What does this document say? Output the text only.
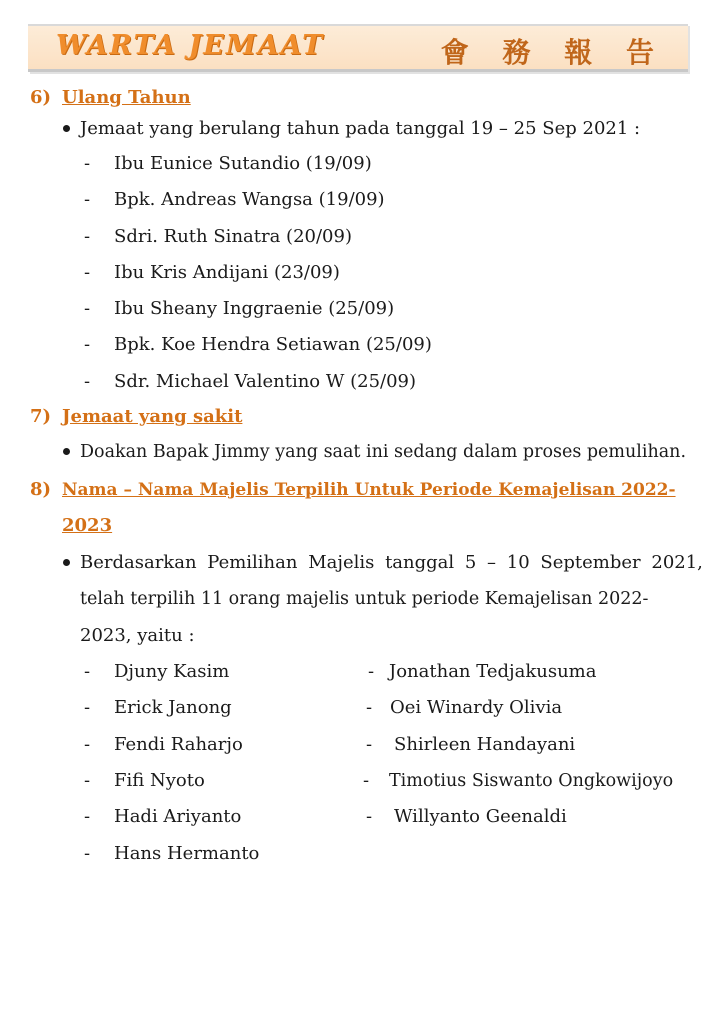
WARTA JEMAAT	會 務 報 告
6) Ulang Tahun
Jemaat yang berulang tahun pada tanggal 19 – 25 Sep 2021 :
- Ibu Eunice Sutandio (19/09)
- Bpk. Andreas Wangsa (19/09)
- Sdri. Ruth Sinatra (20/09)
- Ibu Kris Andijani (23/09)
- Ibu Sheany Inggraenie (25/09)
- Bpk. Koe Hendra Setiawan (25/09)
- Sdr. Michael Valentino W (25/09)
7) Jemaat yang sakit
Doakan Bapak Jimmy yang saat ini sedang dalam proses pemulihan.
8) Nama – Nama Majelis Terpilih Untuk Periode Kemajelisan 2022-
2023
Berdasarkan Pemilihan Majelis tanggal 5 – 10 September 2021,
telah terpilih 11 orang majelis untuk periode Kemajelisan 2022-
2023, yaitu :
- Djuny Kasim
- Erick Janong
- Fendi Raharjo
- Fifi Nyoto
- Hadi Ariyanto
- Hans Hermanto
- Jonathan Tedjakusuma
- Oei Winardy Olivia
- Shirleen Handayani
- Timotius Siswanto Ongkowijoyo
- Willyanto Geenaldi
